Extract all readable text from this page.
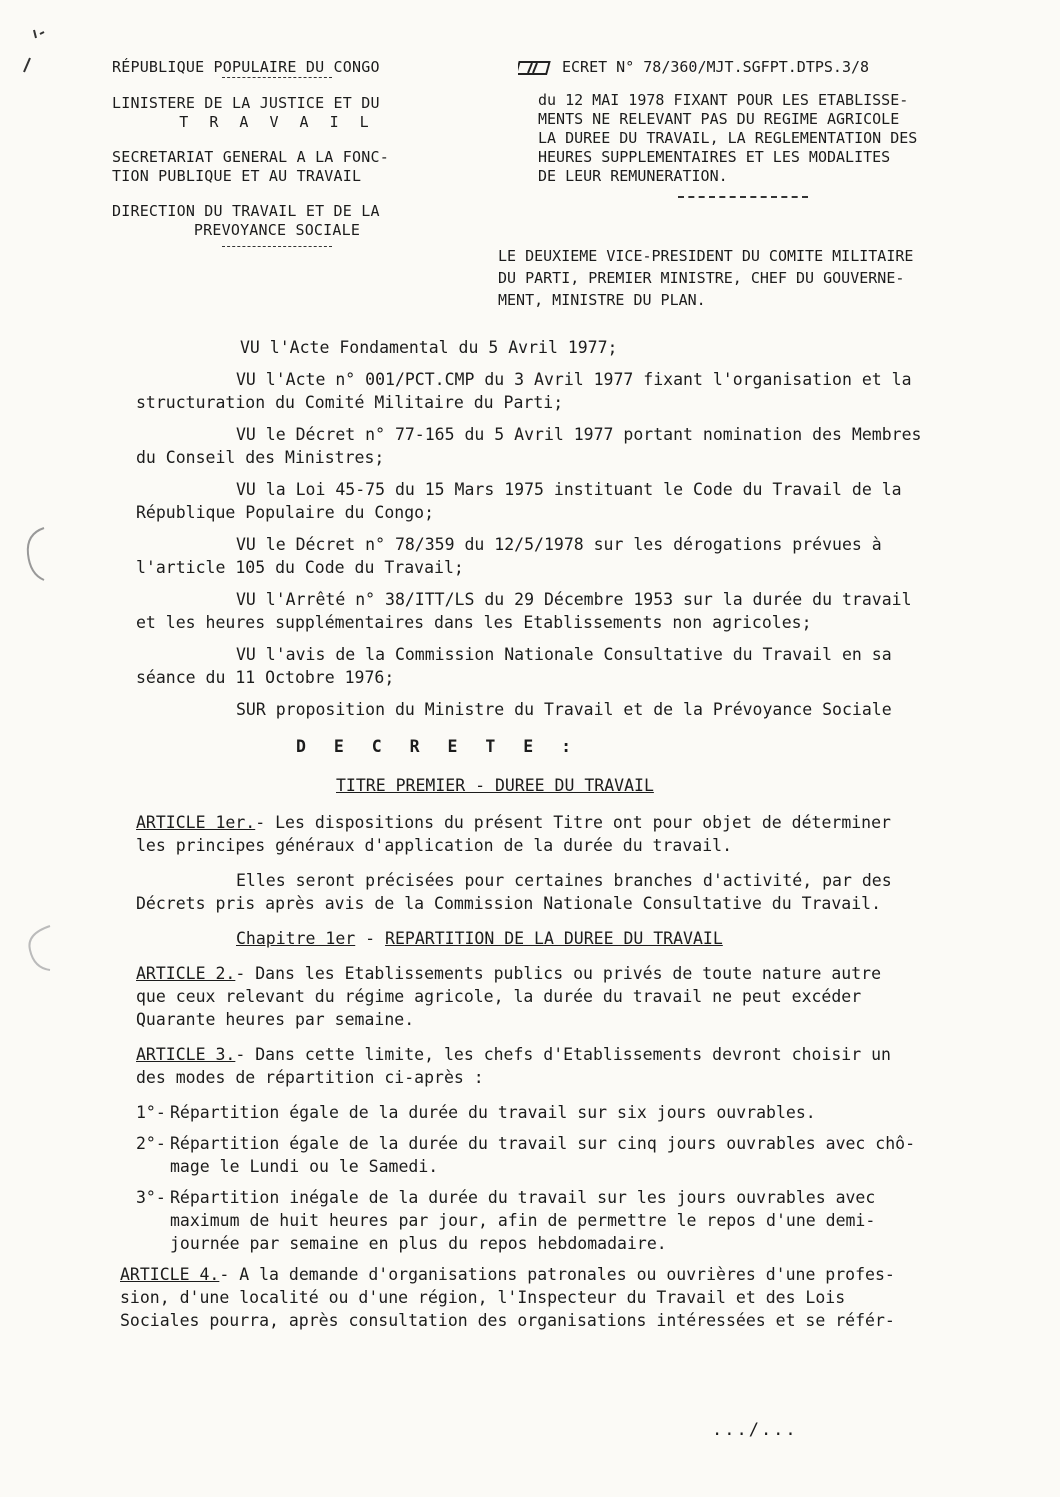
RÉPUBLIQUE POPULAIRE DU CONGO
LINISTERE DE LA JUSTICE ET DU
T R A V A I L
SECRETARIAT GENERAL A LA FONC-
TION PUBLIQUE ET AU TRAVAIL
DIRECTION DU TRAVAIL ET DE LA
PREVOYANCE SOCIALE
ECRET N° 78/360/MJT.SGFPT.DTPS.3/8
du 12 MAI 1978 FIXANT POUR LES ETABLISSE-
MENTS NE RELEVANT PAS DU REGIME AGRICOLE
LA DUREE DU TRAVAIL, LA REGLEMENTATION DES
HEURES SUPPLEMENTAIRES ET LES MODALITES
DE LEUR REMUNERATION.
LE DEUXIEME VICE-PRESIDENT DU COMITE MILITAIRE
DU PARTI, PREMIER MINISTRE, CHEF DU GOUVERNE-
MENT, MINISTRE DU PLAN.
VU l'Acte Fondamental du 5 Avril 1977;
VU l'Acte n° 001/PCT.CMP du 3 Avril 1977 fixant l'organisation et la
structuration du Comité Militaire du Parti;
VU le Décret n° 77-165 du 5 Avril 1977 portant nomination des Membres
du Conseil des Ministres;
VU la Loi 45-75 du 15 Mars 1975 instituant le Code du Travail de la
République Populaire du Congo;
VU le Décret n° 78/359 du 12/5/1978 sur les dérogations prévues à
l'article 105 du Code du Travail;
VU l'Arrêté n° 38/ITT/LS du 29 Décembre 1953 sur la durée du travail
et les heures supplémentaires dans les Etablissements non agricoles;
VU l'avis de la Commission Nationale Consultative du Travail en sa
séance du 11 Octobre 1976;
SUR proposition du Ministre du Travail et de la Prévoyance Sociale
D E C R E T E :
TITRE PREMIER - DUREE DU TRAVAIL
ARTICLE 1er.- Les dispositions du présent Titre ont pour objet de déterminer
les principes généraux d'application de la durée du travail.
Elles seront précisées pour certaines branches d'activité, par des
Décrets pris après avis de la Commission Nationale Consultative du Travail.
Chapitre 1er - REPARTITION DE LA DUREE DU TRAVAIL
ARTICLE 2.- Dans les Etablissements publics ou privés de toute nature autre
que ceux relevant du régime agricole, la durée du travail ne peut excéder
Quarante heures par semaine.
ARTICLE 3.- Dans cette limite, les chefs d'Etablissements devront choisir un
des modes de répartition ci-après :
1°- Répartition égale de la durée du travail sur six jours ouvrables.
2°- Répartition égale de la durée du travail sur cinq jours ouvrables avec chô-
mage le Lundi ou le Samedi.
3°- Répartition inégale de la durée du travail sur les jours ouvrables avec
maximum de huit heures par jour, afin de permettre le repos d'une demi-
journée par semaine en plus du repos hebdomadaire.
ARTICLE 4.- A la demande d'organisations patronales ou ouvrières d'une profes-
sion, d'une localité ou d'une région, l'Inspecteur du Travail et des Lois
Sociales pourra, après consultation des organisations intéressées et se référ-
.../...
